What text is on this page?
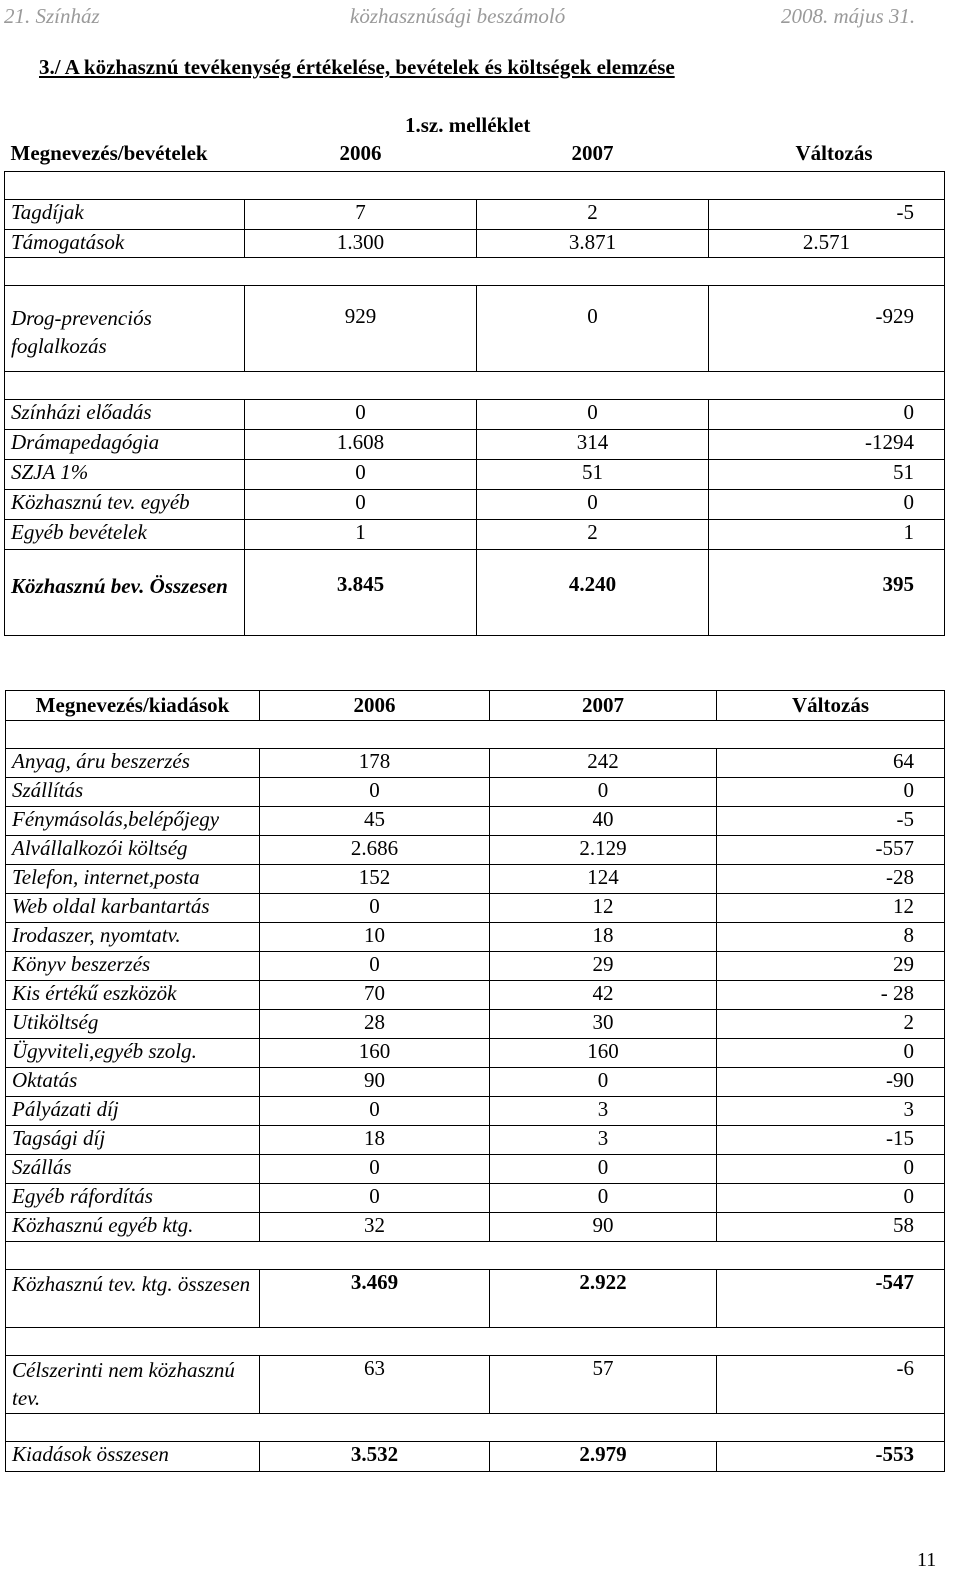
21. Színház	közhasznúsági beszámoló	2008. május 31.
3./ A közhasznú tevékenység értékelése, bevételek és költségek elemzése
1.sz. melléklet
Megnevezés/bevételek	2006	2007	Változás

Tagdíjak	7	2	-5
Támogatások	1.300	3.871	2.571

Drog-prevenciós foglalkozás	929	0	-929

Színházi előadás	0	0	0
Drámapedagógia	1.608	314	-1294
SZJA 1%	0	51	51
Közhasznú tev. egyéb	0	0	0
Egyéb bevételek	1	2	1
Közhasznú bev. Összesen	3.845	4.240	395
Megnevezés/kiadások	2006	2007	Változás

Anyag, áru beszerzés	178	242	64
Szállítás	0	0	0
Fénymásolás,belépőjegy	45	40	-5
Alvállalkozói költség	2.686	2.129	-557
Telefon, internet,posta	152	124	-28
Web oldal karbantartás	0	12	12
Irodaszer, nyomtatv.	10	18	8
Könyv beszerzés	0	29	29
Kis értékű eszközök	70	42	- 28
Utiköltség	28	30	2
Ügyviteli,egyéb szolg.	160	160	0
Oktatás	90	0	-90
Pályázati díj	0	3	3
Tagsági díj	18	3	-15
Szállás	0	0	0
Egyéb ráfordítás	0	0	0
Közhasznú egyéb ktg.	32	90	58

Közhasznú tev. ktg. összesen	3.469	2.922	-547

Célszerinti nem közhasznú tev.	63	57	-6

Kiadások összesen	3.532	2.979	-553
11
